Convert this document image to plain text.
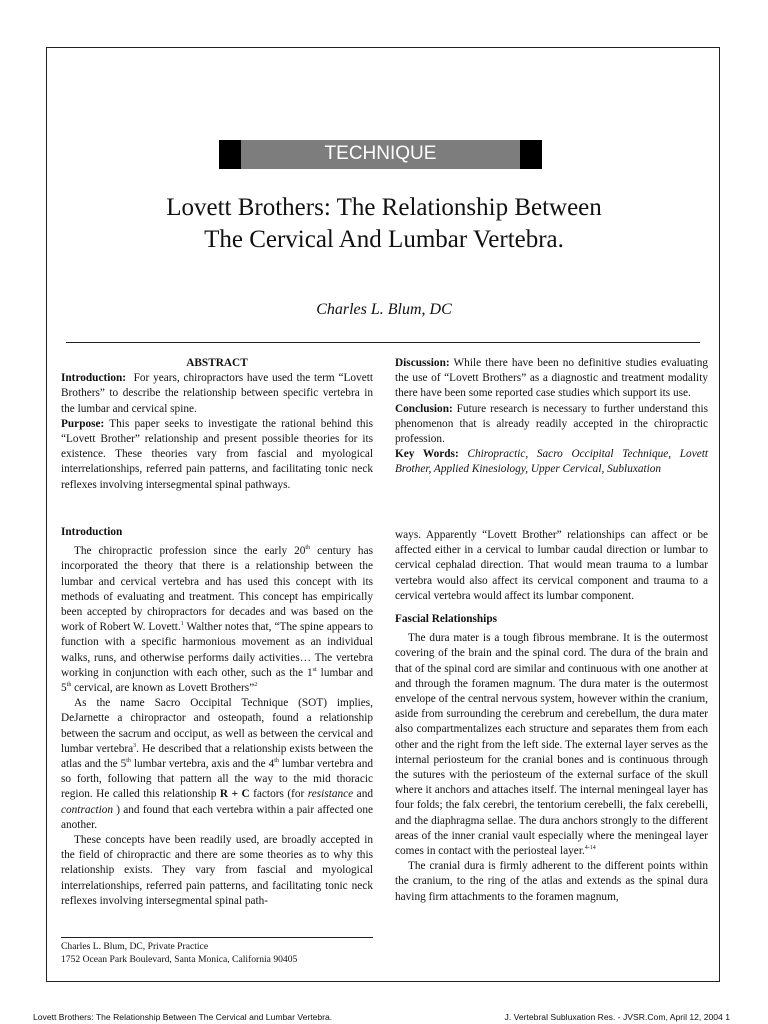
TECHNIQUE
Lovett Brothers: The Relationship Between
The Cervical And Lumbar Vertebra.
Charles L. Blum, DC

ABSTRACT

Introduction: For years, chiropractors have used the term “Lovett Brothers” to describe the relationship between specific vertebra in the lumbar and cervical spine.

Purpose: This paper seeks to investigate the rational behind this “Lovett Brother” relationship and present possible theories for its existence. These theories vary from fascial and myological interrelationships, referred pain patterns, and facilitating tonic neck reflexes involving intersegmental spinal pathways.

Discussion: While there have been no definitive studies evaluating the use of “Lovett Brothers” as a diagnostic and treatment modality there have been some reported case studies which support its use.

Conclusion: Future research is necessary to further understand this phenomenon that is already readily accepted in the chiropractic profession.

Key Words: Chiropractic, Sacro Occipital Technique, Lovett Brother, Applied Kinesiology, Upper Cervical, Subluxation

Introduction

The chiropractic profession since the early 20th century has incorporated the theory that there is a relationship between the lumbar and cervical vertebra and has used this concept with its methods of evaluating and treatment. This concept has empirically been accepted by chiropractors for decades and was based on the work of Robert W. Lovett.$^1$ Walther notes that, “The spine appears to function with a specific harmonious movement as an individual walks, runs, and otherwise performs daily activities… The vertebra working in conjunction with each other, such as the 1st lumbar and 5th cervical, are known as Lovett Brothers”$^2$

As the name Sacro Occipital Technique (SOT) implies, DeJarnette a chiropractor and osteopath, found a relationship between the sacrum and occiput, as well as between the cervical and lumbar vertebra$^3$. He described that a relationship exists between the atlas and the 5th lumbar vertebra, axis and the 4th lumbar vertebra and so forth, following that pattern all the way to the mid thoracic region. He called this relationship R + C factors (for resistance and contraction ) and found that each vertebra within a pair affected one another.

These concepts have been readily used, are broadly accepted in the field of chiropractic and there are some theories as to why this relationship exists. They vary from fascial and myological interrelationships, referred pain patterns, and facilitating tonic neck reflexes involving intersegmental spinal path-

ways. Apparently “Lovett Brother” relationships can affect or be affected either in a cervical to lumbar caudal direction or lumbar to cervical cephalad direction. That would mean trauma to a lumbar vertebra would also affect its cervical component and trauma to a cervical vertebra would affect its lumbar component.

Fascial Relationships

The dura mater is a tough fibrous membrane. It is the outermost covering of the brain and the spinal cord. The dura of the brain and that of the spinal cord are similar and continuous with one another at and through the foramen magnum. The dura mater is the outermost envelope of the central nervous system, however within the cranium, aside from surrounding the cerebrum and cerebellum, the dura mater also compartmentalizes each structure and separates them from each other and the right from the left side. The external layer serves as the internal periosteum for the cranial bones and is continuous through the sutures with the periosteum of the external surface of the skull where it anchors and attaches itself. The internal meningeal layer has four folds; the falx cerebri, the tentorium cerebelli, the falx cerebelli, and the diaphragma sellae. The dura anchors strongly to the different areas of the inner cranial vault especially where the meningeal layer comes in contact with the periosteal layer.$^{4-14}$

The cranial dura is firmly adherent to the different points within the cranium, to the ring of the atlas and extends as the spinal dura having firm attachments to the foramen magnum,

Charles L. Blum, DC, Private Practice
1752 Ocean Park Boulevard, Santa Monica, California 90405
Lovett Brothers: The Relationship Between The Cervical and Lumbar Vertebra.	J. Vertebral Subluxation Res. - JVSR.Com, April 12, 2004 1
